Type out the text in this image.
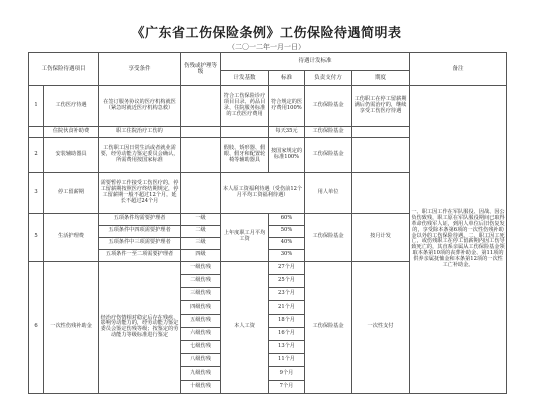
《广东省工伤保险条例》工伤保险待遇简明表
（二〇一二年一月一日）
工伤保险待遇项目		享受条件	伤残或护理等级	待遇计发标准				备注
				计发基数	标准	负责支付方	期度	
1	工伤医疗待遇	在签订服务协议的医疗机构就医（紧急时就近医疗机构急救）		符合工伤保险诊疗项目目录、药品目录、住院服务标准的工伤医疗费用	符合规定的医疗费用100%	工伤保险基金	工伤职工在停工留薪期满后仍需治疗的，继续享受工伤医疗待遇	一、职工因工作在军队服役、因战、因公负伤致残，职工原在军队服役期间已取得革命伤残军人证，到用人单位后旧伤复发的，享受除本条第6项的一次性伤残补助金以外的工伤保险待遇。二、职工因工死亡，或伤残职工在停工留薪期内因工伤导致死亡的，其直系亲属从工伤保险基金领取本条第10项的丧葬补助金、第11项的供养亲属抚恤金和本条第12项的一次性工亡补助金。
	住院伙食补助费	职工住院治疗工伤的			每天35元	工伤保险基金		
2	安装辅助器具	工伤职工因日常生活或者就业需要，经劳动能力鉴定委员会确认，所需费用按国家标准		假肢、矫形器、假眼、假牙和配置轮椅等辅助器具	按国家规定的标准100%	工伤保险基金		
3	停工留薪期	需要暂停工作接受工伤医疗的，停工留薪期按照医疗终结期规定，停工留薪期一般不超过12个月，延长不超过24个月		本人原工资福利待遇（受伤前12个月平均工资福利待遇）		用人单位		
5	生活护理费	五项条件均需要护理者	一级	上年度职工月平均工资	60%	工伤保险基金	按月计发	
		五项条件中四项需要护理者	二级		50%			
		五项条件中三项需要护理者	三级		40%			
		五项条件一至二项需要护理者	四级		30%			
6	一次性伤残补助金	经治疗伤情相对稳定后存在残疾，影响劳动能力的，经劳动能力鉴定委员会鉴定伤残等级；按鉴定的劳动能力等级标准进行鉴定	一级伤残	本人工资	27个月	工伤保险基金	一次性支付	
			二级伤残		25个月			
			三级伤残		23个月			
			四级伤残		21个月			
			五级伤残		18个月			
			六级伤残		16个月			
			七级伤残		13个月			
			八级伤残		11个月			
			九级伤残		9个月			
			十级伤残		7个月			
